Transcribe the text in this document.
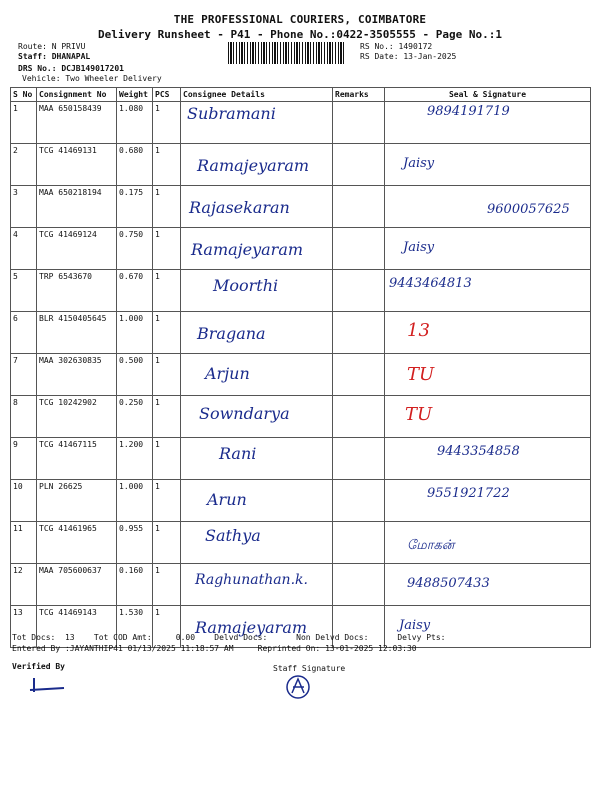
THE PROFESSIONAL COURIERS, COIMBATORE
Delivery Runsheet - P41 - Phone No.:0422-3505555 - Page No.:1
Route: N PRIVU
Staff: DHANAPAL
DRS No.: DCJB149017201
Vehicle: Two Wheeler Delivery
RS No.: 1490172
RS Date: 13-Jan-2025
S No	Consignment No	Weight	PCS	Consignee Details	Remarks	Seal & Signature
1	MAA 650158439	1.080	1	Subramani		9894191719
2	TCG 41469131	0.680	1	Ramajeyaram		Jaisy
3	MAA 650218194	0.175	1	Rajasekaran		9600057625
4	TCG 41469124	0.750	1	Ramajeyaram		Jaisy
5	TRP 6543670	0.670	1	Moorthi		9443464813
6	BLR 4150405645	1.000	1	Bragana		13
7	MAA 302630835	0.500	1	Arjun		TU
8	TCG 10242902	0.250	1	Sowndarya		TU
9	TCG 41467115	1.200	1	Rani		9443354858
10	PLN 26625	1.000	1	Arun		9551921722
11	TCG 41461965	0.955	1	Sathya		மோகன்
12	MAA 705600637	0.160	1	Raghunathan.k.		9488507433
13	TCG 41469143	1.530	1	Ramajeyaram		Jaisy
Tot Docs:  13    Tot COD Amt:     0.00    Delvd Docs:      Non Delvd Docs:      Delvy Pts:
Entered By :JAYANTHIP41 01/13/2025 11:18:57 AM     Reprinted On: 13-01-2025 12:03:30
Verified By	Staff Signature
